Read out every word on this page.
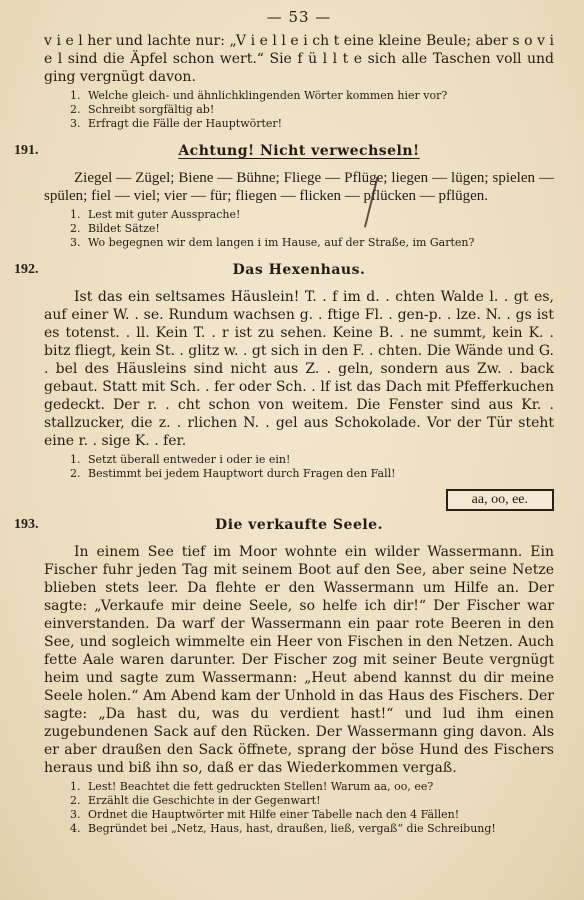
— 53 —

v i e l her und lachte nur: „V i e l l e i ch t eine kleine Beule; aber s o v i e l sind die Äpfel schon wert.“ Sie f ü l l t e sich alle Taschen voll und ging vergnügt davon.

1. Welche gleich- und ähnlichklingenden Wörter kommen hier vor?
2. Schreibt sorgfältig ab!
3. Erfragt die Fälle der Hauptwörter!
191.	Achtung! Nicht verwechseln!

Ziegel — Zügel; Biene — Bühne; Fliege — Pflüge; liegen — lügen; spielen — spülen; fiel — viel; vier — für; fliegen — flicken — pflücken — pflügen.

1. Lest mit guter Aussprache!
2. Bildet Sätze!
3. Wo begegnen wir dem langen i im Hause, auf der Straße, im Garten?
192.	Das Hexenhaus.

Ist das ein seltsames Häuslein! T. . f im d. . chten Walde l. . gt es, auf einer W. . se. Rundum wachsen g. . ftige Fl. . gen-p. . lze. N. . gs ist es totenst. . ll. Kein T. . r ist zu sehen. Keine B. . ne summt, kein K. . bitz fliegt, kein St. . glitz w. . gt sich in den F. . chten. Die Wände und G. . bel des Häusleins sind nicht aus Z. . geln, sondern aus Zw. . back gebaut. Statt mit Sch. . fer oder Sch. . lf ist das Dach mit Pfefferkuchen gedeckt. Der r. . cht schon von weitem. Die Fenster sind aus Kr. . stallzucker, die z. . rlichen N. . gel aus Schokolade. Vor der Tür steht eine r. . sige K. . fer.

1. Setzt überall entweder i oder ie ein!
2. Bestimmt bei jedem Hauptwort durch Fragen den Fall!
aa, oo, ee.
193.	Die verkaufte Seele.

In einem See tief im Moor wohnte ein wilder Wassermann. Ein Fischer fuhr jeden Tag mit seinem Boot auf den See, aber seine Netze blieben stets leer. Da flehte er den Wassermann um Hilfe an. Der sagte: „Verkaufe mir deine Seele, so helfe ich dir!“ Der Fischer war einverstanden. Da warf der Wassermann ein paar rote Beeren in den See, und sogleich wimmelte ein Heer von Fischen in den Netzen. Auch fette Aale waren darunter. Der Fischer zog mit seiner Beute vergnügt heim und sagte zum Wassermann: „Heut abend kannst du dir meine Seele holen.“ Am Abend kam der Unhold in das Haus des Fischers. Der sagte: „Da hast du, was du verdient hast!“ und lud ihm einen zugebundenen Sack auf den Rücken. Der Wassermann ging davon. Als er aber draußen den Sack öffnete, sprang der böse Hund des Fischers heraus und biß ihn so, daß er das Wiederkommen vergaß.

1. Lest! Beachtet die fett gedruckten Stellen! Warum aa, oo, ee?
2. Erzählt die Geschichte in der Gegenwart!
3. Ordnet die Hauptwörter mit Hilfe einer Tabelle nach den 4 Fällen!
4. Begründet bei „Netz, Haus, hast, draußen, ließ, vergaß“ die Schreibung!
